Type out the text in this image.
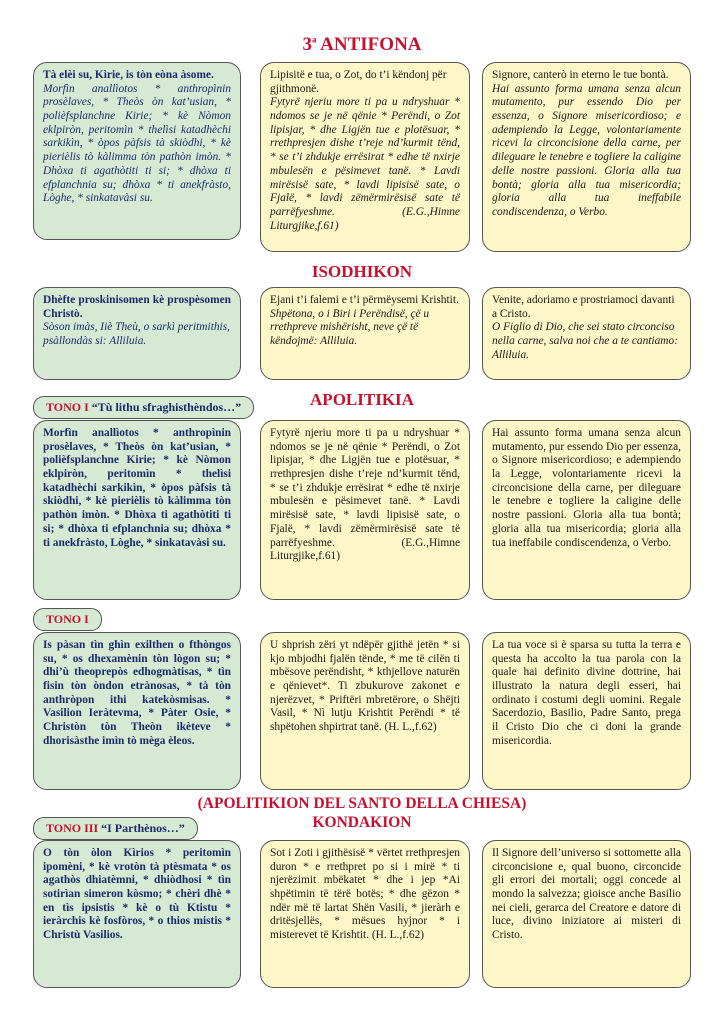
3$^a$ ANTIFONA

Tà elèi su, Kìrie, is tòn eòna àsome.

Morfìn anallìotos * anthropìnin prosèlaves, * Theòs òn kat’usian, * polièfsplanchne Kirie; * kè Nòmon eklpiròn, peritomìn * thelìsi katadhèchi sarkikìn, * òpos pàfsis tà skiòdhi, * kè pierièlis tò kàlimma tòn pathòn imòn. * Dhòxa ti agathòtiti ti si; * dhòxa ti efplanchnia su; dhòxa * ti anekfràsto, Lòghe, * sinkatavàsi su.

Lipisitë e tua, o Zot, do t’i këndonj për gjithmonë.

Fytyrë njeriu more ti pa u ndryshuar * ndomos se je në qënie * Perëndi, o Zot lipisjar, * dhe Ligjën tue e plotësuar, * rrethpresjen dishe t’reje nd’kurmit tënd, * se t’i zhdukje errësirat * edhe të nxirje mbulesën e pësimevet tanë. * Lavdi mirësisë sate, * lavdi lipisisë sate, o Fjalë, * lavdi zëmërmirësisë sate të parrëfyeshme. (E.G.,Himne Liturgjike,f.61)

Signore, canterò in eterno le tue bontà.

Hai assunto forma umana senza alcun mutamento, pur essendo Dio per essenza, o Signore misericordioso; e adempiendo la Legge, volontariamente ricevi la circoncisione della carne, per dileguare le tenebre e togliere la caligine delle nostre passioni. Gloria alla tua bontà; gloria alla tua misericordia; gloria alla tua ineffabile condiscendenza, o Verbo.

ISODHIKON

Dhèfte proskinisomen kè prospèsomen Christò.

Sòson imàs, Iiè Theù, o sarkì peritmithis, psàllondàs si: Alliluia.

Ejani t’i falemi e t’i përmëysemi Krishtit.

Shpëtona, o i Biri i Perëndisë, çë u rrethpreve mishërisht, neve çë të këndojmë: Alliluia.

Venite, adoriamo e prostriamoci davanti a Cristo.

O Figlio di Dio, che sei stato circonciso nella carne, salva noi che a te cantiamo: Alliluia.

TONO I “Tù lithu sfraghisthèndos…”	APOLITIKIA

Morfìn anallìotos * anthropìnin prosèlaves, * Theòs òn kat’usian, * polièfsplanchne Kirie; * kè Nòmon eklpiròn, peritomìn * thelìsi katadhèchi sarkikìn, * òpos pàfsis tà skiòdhi, * kè pierièlis tò kàlimma tòn pathòn imòn. * Dhòxa ti agathòtiti ti si; * dhòxa ti efplanchnia su; dhòxa * ti anekfràsto, Lòghe, * sinkatavàsi su.

Fytyrë njeriu more ti pa u ndryshuar * ndomos se je në qënie * Perëndi, o Zot lipisjar, * dhe Ligjën tue e plotësuar, * rrethpresjen dishe t’reje nd’kurmit tënd, * se t’i zhdukje errësirat * edhe të nxirje mbulesën e pësimevet tanë. * Lavdi mirësisë sate, * lavdi lipisisë sate, o Fjalë, * lavdi zëmërmirësisë sate të parrëfyeshme. (E.G.,Himne Liturgjike,f.61)

Hai assunto forma umana senza alcun mutamento, pur essendo Dio per essenza, o Signore misericordioso; e adempiendo la Legge, volontariamente ricevi la circoncisione della carne, per dileguare le tenebre e togliere la caligine delle nostre passioni. Gloria alla tua bontà; gloria alla tua misericordia; gloria alla tua ineffabile condiscendenza, o Verbo.

TONO I

Is pàsan tìn ghìn exilthen o fthòngos su, * os dhexamènin tòn lògon su; * dhi’ù theoprepòs edhogmàtisas, * tìn fisin tòn òndon etrànosas, * tà tòn anthròpon ithi katekòsmisas. * Vasilion Ieràtevma, * Pàter Osie, * Christòn tòn Theòn ikèteve * dhorisàsthe imìn tò mèga èleos.

U shprish zëri yt ndëpër gjithë jetën * si kjo mbjodhi fjalën tënde, * me të cilën ti mbësove perëndisht, * kthjellove naturën e qënievet*. Ti zbukurove zakonet e njerëzvet, * Priftëri mbretërore, o Shëjti Vasil, * Nì lutju Krishtit Perëndi * të shpëtohen shpirtrat tanë. (H. L.,f.62)

La tua voce si è sparsa su tutta la terra e questa ha accolto la tua parola con la quale hai definito divine dottrine, hai illustrato la natura degli esseri, hai ordinato i costumi degli uomini. Regale Sacerdozio, Basilio, Padre Santo, prega il Cristo Dio che ci doni la grande misericordia.

(APOLITIKION DEL SANTO DELLA CHIESA)
KONDAKION
TONO III “I Parthènos…”

O tòn òlon Kìrios * peritomìn ipomèni, * kè vrotòn tà ptèsmata * os agathòs dhiatèmni, * dhiòdhosi * tìn sotirìan simeron kòsmo; * chèri dhè * en tìs ipsistis * kè o tù Ktistu * ieràrchis kè fosfòros, * o thios mistis * Christù Vasilios.

Sot i Zoti i gjithësisë * vërtet rrethpresjen duron * e rrethpret po si i mirë * ti njerëzimit mbëkatet * dhe i jep *Ai shpëtimin të tërë botës; * dhe gëzon * ndër më të lartat Shën Vasili, * jieràrh e dritësjellës, * mësues hyjnor * i misterevet të Krishtit. (H. L.,f.62)

Il Signore dell’universo si sottomette alla circoncisione e, qual buono, circoncide gli errori dei mortali; oggi concede al mondo la salvezza; gioisce anche Basilio nei cieli, gerarca del Creatore e datore di luce, divino iniziatore ai misteri di Cristo.
